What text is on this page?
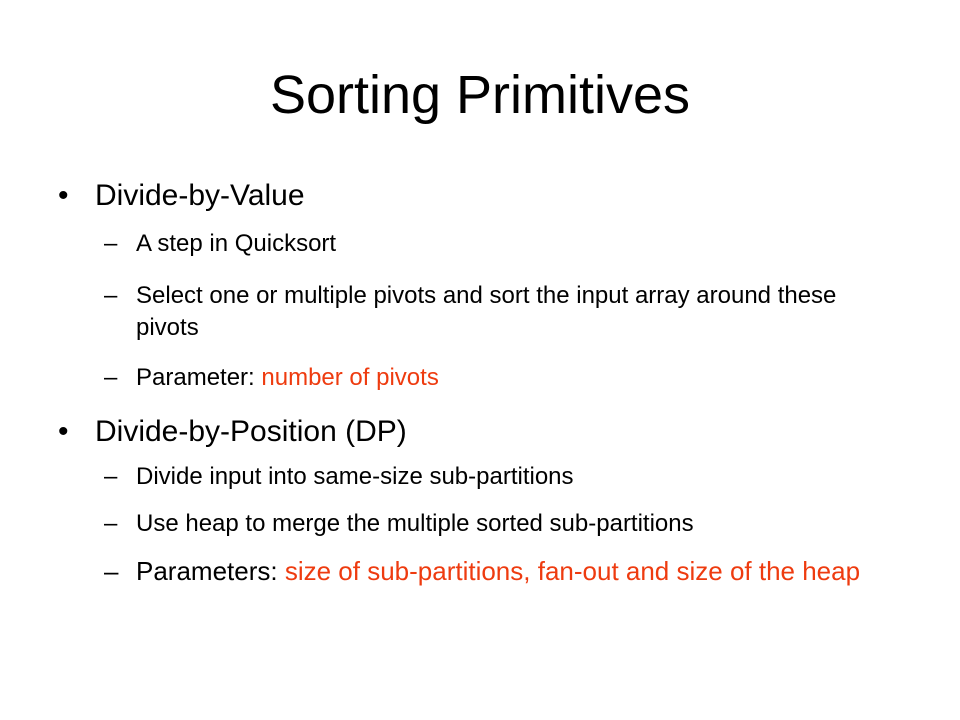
Sorting Primitives
• Divide-by-Value
– A step in Quicksort
– Select one or multiple pivots and sort the input array around these pivots
– Parameter: number of pivots
• Divide-by-Position (DP)
– Divide input into same-size sub-partitions
– Use heap to merge the multiple sorted sub-partitions
– Parameters: size of sub-partitions, fan-out and size of the heap
